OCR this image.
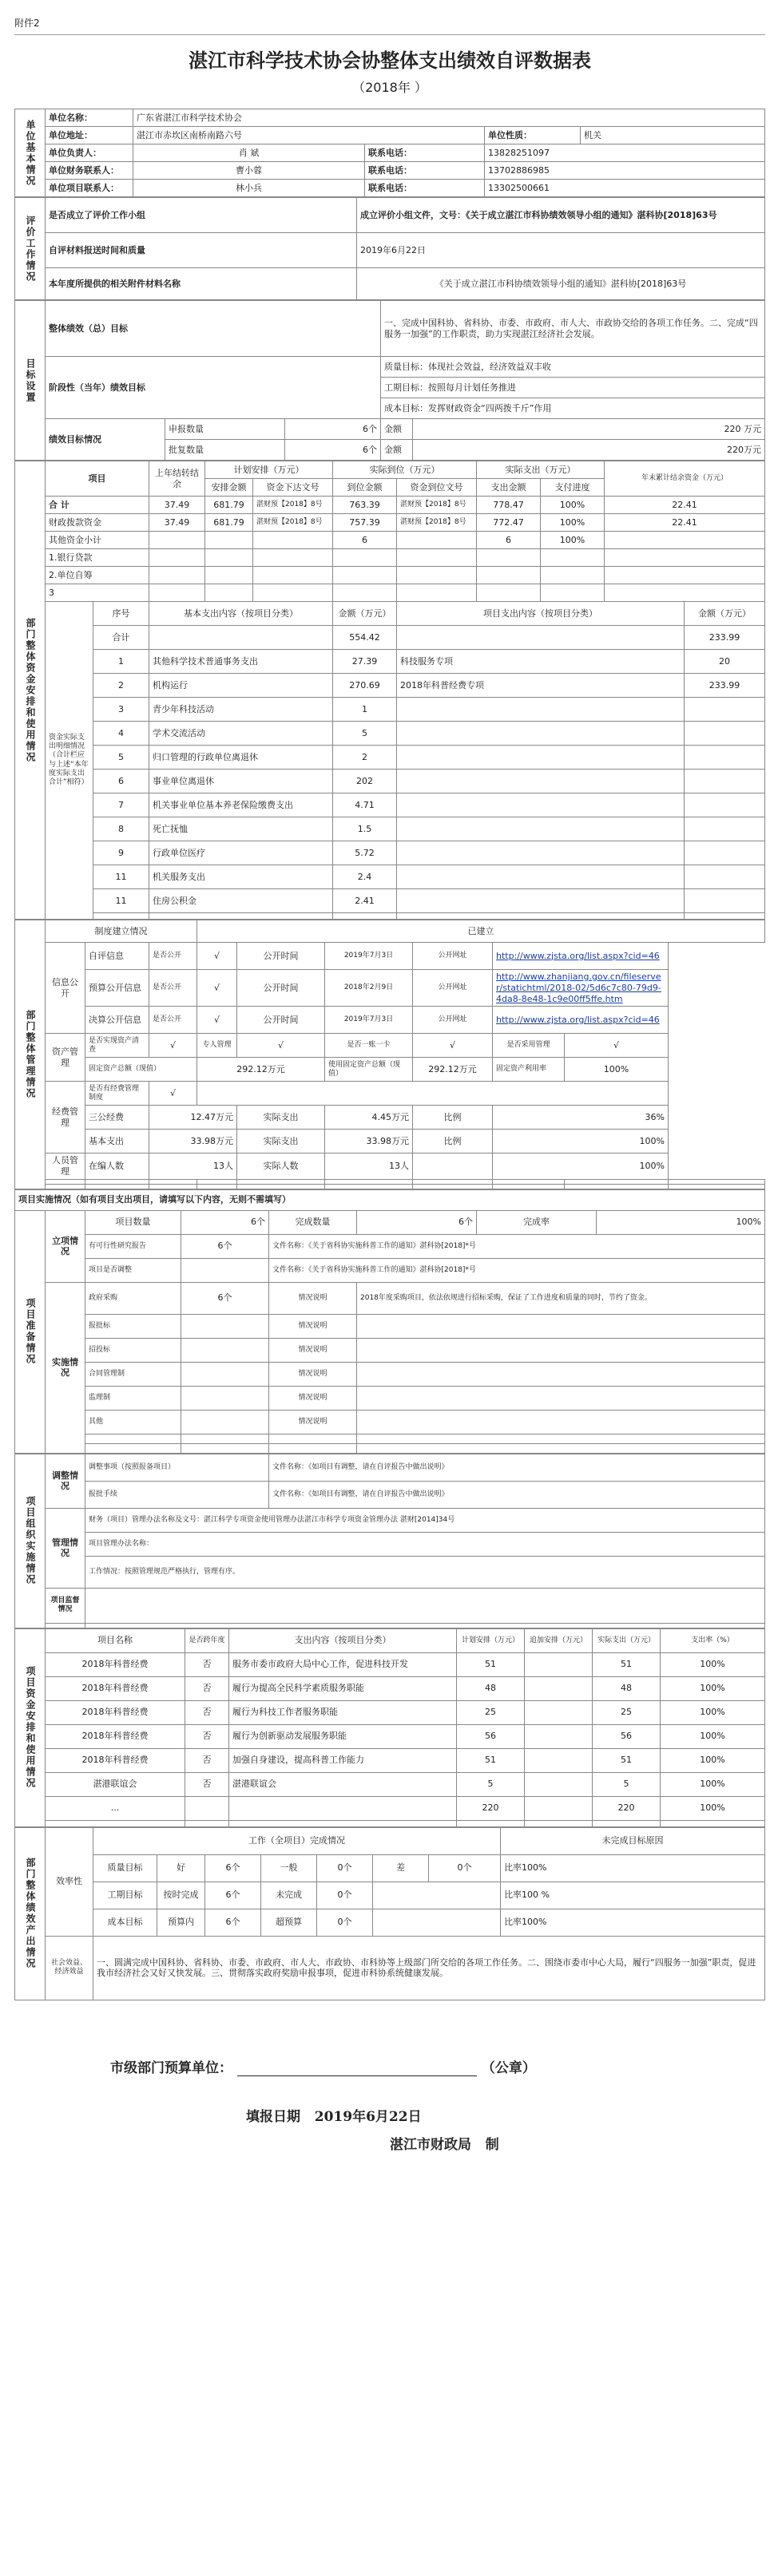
附件2
湛江市科学技术协会协整体支出绩效自评数据表
（2018年 ）
单位基本情况	单位名称：	广东省湛江市科学技术协会			
	单位地址：	湛江市赤坎区南桥南路六号		单位性质：	机关
	单位负责人：	肖 斌	联系电话：	13828251097	
	单位财务联系人：	曹小蓉	联系电话：	13702886985	
	单位项目联系人：	林小兵	联系电话：	13302500661	
评价工作情况	是否成立了评价工作小组	成立评价小组文件，文号：《关于成立湛江市科协绩效领导小组的通知》湛科协[2018]63号
	自评材料报送时间和质量	2019年6月22日
	本年度所提供的相关附件材料名称	《关于成立湛江市科协绩效领导小组的通知》湛科协[2018]63号
目标设置	整体绩效（总）目标			一、完成中国科协、省科协、市委、市政府、市人大、市政协交给的各项工作任务。二、完成“四服务一加强”的工作职责，助力实现湛江经济社会发展。	
	阶段性（当年）绩效目标			质量目标：体现社会效益，经济效益双丰收	
				工期目标：按照每月计划任务推进	
				成本目标：发挥财政资金“四两拨千斤”作用	
	绩效目标情况	申报数量	6个	金额	220 万元
		批复数量	6个	金额	220万元
部门整体资金安排和使用情况	项目		上年结转结余	计划安排（万元）		实际到位（万元）		实际支出（万元）		年末累计结余资金（万元）	
				安排金额	资金下达文号	到位金额	资金到位文号	支出金额	支付进度		
	合 计		37.49	681.79	湛财预【2018】8号	763.39	湛财预【2018】8号	778.47	100%	22.41	
	财政拨款资金		37.49	681.79	湛财预【2018】8号	757.39	湛财预【2018】8号	772.47	100%	22.41	
	其他资金小计					6		6	100%		
	1.银行贷款										
	2.单位自筹										
	3										
	资金实际支出明细情况（合计栏应与上述“本年度实际支出合计”相符）	序号	基本支出内容（按项目分类）			金额（万元）	项目支出内容（按项目分类）				金额（万元）
		合计				554.42					233.99
		1	其他科学技术普通事务支出			27.39	科技服务专项				20
		2	机构运行			270.69	2018年科普经费专项				233.99
		3	青少年科技活动			1					
		4	学术交流活动			5					
		5	归口管理的行政单位离退休			2					
		6	事业单位离退休			202					
		7	机关事业单位基本养老保险缴费支出			4.71					
		8	死亡抚恤			1.5					
		9	行政单位医疗			5.72					
		11	机关服务支出			2.4					
		11	住房公积金			2.41					

部门整体管理情况	制度建立情况			已建立						
	信息公开	自评信息	是否公开	√	公开时间	2019年7月3日	公开网址	http://www.zjsta.org/list.aspx?cid=46		
		预算公开信息	是否公开	√	公开时间	2018年2月9日	公开网址	http://www.zhanjiang.gov.cn/fileserver/statichtml/2018-02/5d6c7c80-79d9-4da8-8e48-1c9e00ff5ffe.htm		
		决算公开信息	是否公开	√	公开时间	2019年7月3日	公开网址	http://www.zjsta.org/list.aspx?cid=46		
	资产管理	是否实现资产清查	√	专人管理	√	是否一账一卡	√	是否采用管理	√	
		固定资产总额（现值）		292.12万元		使用固定资产总额（现值）	292.12万元	固定资产利用率	100%	
	经费管理	是否有经费管理制度	√							
		三公经费	12.47万元		实际支出	4.45万元	比例	36%		
		基本支出	33.98万元		实际支出	33.98万元	比例	100%		
	人员管理	在编人数	13人		实际人数	13人		100%		

项目实施情况（如有项目支出项目，请填写以下内容，无则不需填写）							
项目准备情况	立项情况	项目数量	6个	完成数量	6个	完成率	100%
		有可行性研究报告	6个	文件名称：《关于省科协实施科普工作的通知》湛科协[2018]*号			
		项目是否调整		文件名称：《关于省科协实施科普工作的通知》湛科协[2018]*号			
	实施情况	政府采购	6个	情况说明	2018年度采购项目，依法依规进行招标采购，保证了工作进度和质量的同时，节约了资金。		
		报批标		情况说明			
		招投标		情况说明			
		合同管理制		情况说明			
		监理制		情况说明			
		其他		情况说明			

项目组织实施情况	调整情况	调整事项（按照报备项目）	文件名称：《如项目有调整，请在自评报告中做出说明》
		报批手续	文件名称：《如项目有调整，请在自评报告中做出说明》
	管理情况	财务（项目）管理办法名称及文号：湛江科学专项资金使用管理办法湛江市科学专项资金管理办法 湛财[2014]34号	
		项目管理办法名称：	
		工作情况：按照管理规范严格执行，管理有序。	
	项目监督情况		

项目资金安排和使用情况	项目名称	是否跨年度	支出内容（按项目分类）	计划安排（万元）	追加安排（万元）	实际支出（万元）	支出率（%）
	2018年科普经费	否	服务市委市政府大局中心工作，促进科技开发	51		51	100%
	2018年科普经费	否	履行为提高全民科学素质服务职能	48		48	100%
	2018年科普经费	否	履行为科技工作者服务职能	25		25	100%
	2018年科普经费	否	履行为创新驱动发展服务职能	56		56	100%
	2018年科普经费	否	加强自身建设，提高科普工作能力	51		51	100%
	湛港联谊会	否	湛港联谊会	5		5	100%
	...			220		220	100%

部门整体绩效产出情况	效率性	工作（全项目）完成情况							未完成目标原因
		质量目标	好	6个	一般	0个	差	0个	比率100%
		工期目标	按时完成	6个	未完成	0个			比率100 %
		成本目标	预算内	6个	超预算	0个			比率100%
	社会效益、经济效益	一、圆满完成中国科协、省科协、市委、市政府、市人大、市政协、市科协等上级部门所交给的各项工作任务。二、围绕市委市中心大局，履行“四服务一加强”职责，促进我市经济社会又好又快发展。三、贯彻落实政府奖励申报事项，促进市科协系统健康发展。							
市级部门预算单位：	（公章）
填报日期 2019年6月22日
湛江市财政局 制
